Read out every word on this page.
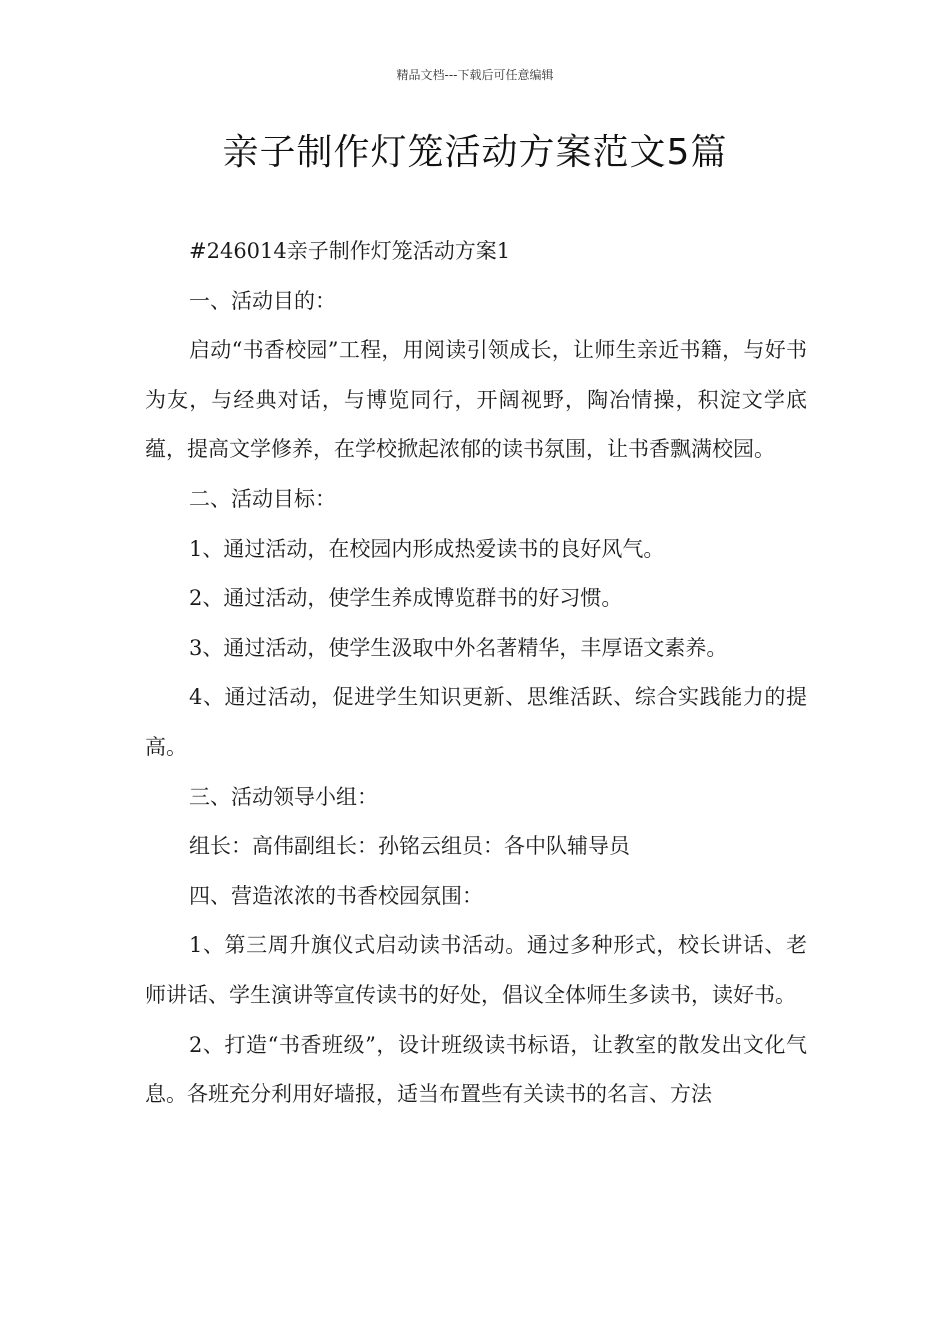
精品文档---下载后可任意编辑
亲子制作灯笼活动方案范文5篇

#246014亲子制作灯笼活动方案1

一、活动目的：

启动“书香校园”工程，用阅读引领成长，让师生亲近书籍，与好书为友，与经典对话，与博览同行，开阔视野，陶冶情操，积淀文学底蕴，提高文学修养，在学校掀起浓郁的读书氛围，让书香飘满校园。

二、活动目标：

1、通过活动，在校园内形成热爱读书的良好风气。

2、通过活动，使学生养成博览群书的好习惯。

3、通过活动，使学生汲取中外名著精华，丰厚语文素养。

4、通过活动，促进学生知识更新、思维活跃、综合实践能力的提高。

三、活动领导小组：

组长：高伟副组长：孙铭云组员：各中队辅导员

四、营造浓浓的书香校园氛围：

1、第三周升旗仪式启动读书活动。通过多种形式，校长讲话、老师讲话、学生演讲等宣传读书的好处，倡议全体师生多读书，读好书。

2、打造“书香班级”，设计班级读书标语，让教室的散发出文化气息。各班充分利用好墙报，适当布置些有关读书的名言、方法
